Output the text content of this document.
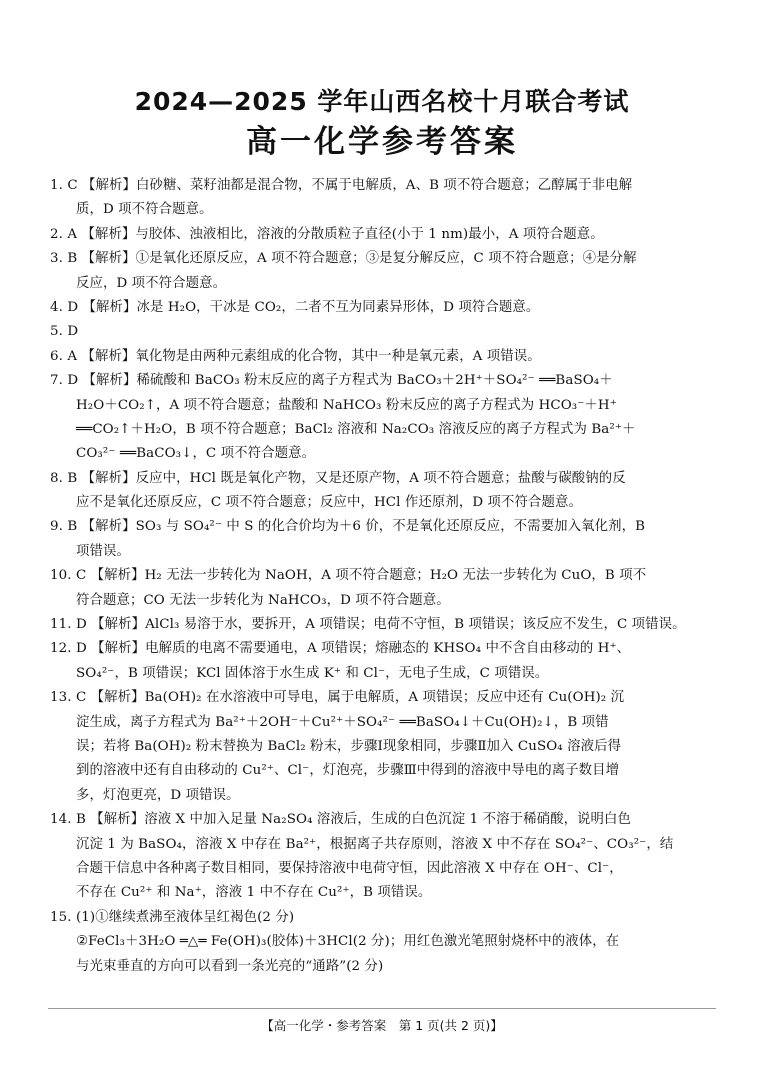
2024—2025 学年山西名校十月联合考试
高一化学参考答案
1. C 【解析】白砂糖、菜籽油都是混合物，不属于电解质，A、B 项不符合题意；乙醇属于非电解
质，D 项不符合题意。
2. A 【解析】与胶体、浊液相比，溶液的分散质粒子直径(小于 1 nm)最小，A 项符合题意。
3. B 【解析】①是氧化还原反应，A 项不符合题意；③是复分解反应，C 项不符合题意；④是分解
反应，D 项不符合题意。
4. D 【解析】冰是 H₂O，干冰是 CO₂，二者不互为同素异形体，D 项符合题意。
5. D
6. A 【解析】氧化物是由两种元素组成的化合物，其中一种是氧元素，A 项错误。
7. D 【解析】稀硫酸和 BaCO₃ 粉末反应的离子方程式为 BaCO₃＋2H⁺＋SO₄²⁻ ══BaSO₄＋
H₂O＋CO₂↑，A 项不符合题意；盐酸和 NaHCO₃ 粉末反应的离子方程式为 HCO₃⁻＋H⁺
══CO₂↑＋H₂O，B 项不符合题意；BaCl₂ 溶液和 Na₂CO₃ 溶液反应的离子方程式为 Ba²⁺＋
CO₃²⁻ ══BaCO₃↓，C 项不符合题意。
8. B 【解析】反应中，HCl 既是氧化产物，又是还原产物，A 项不符合题意；盐酸与碳酸钠的反
应不是氧化还原反应，C 项不符合题意；反应中，HCl 作还原剂，D 项不符合题意。
9. B 【解析】SO₃ 与 SO₄²⁻ 中 S 的化合价均为＋6 价，不是氧化还原反应，不需要加入氧化剂，B
项错误。
10. C 【解析】H₂ 无法一步转化为 NaOH，A 项不符合题意；H₂O 无法一步转化为 CuO，B 项不
符合题意；CO 无法一步转化为 NaHCO₃，D 项不符合题意。
11. D 【解析】AlCl₃ 易溶于水，要拆开，A 项错误；电荷不守恒，B 项错误；该反应不发生，C 项错误。
12. D 【解析】电解质的电离不需要通电，A 项错误；熔融态的 KHSO₄ 中不含自由移动的 H⁺、
SO₄²⁻，B 项错误；KCl 固体溶于水生成 K⁺ 和 Cl⁻，无电子生成，C 项错误。
13. C 【解析】Ba(OH)₂ 在水溶液中可导电，属于电解质，A 项错误；反应中还有 Cu(OH)₂ 沉
淀生成，离子方程式为 Ba²⁺＋2OH⁻＋Cu²⁺＋SO₄²⁻ ══BaSO₄↓＋Cu(OH)₂↓，B 项错
误；若将 Ba(OH)₂ 粉末替换为 BaCl₂ 粉末，步骤Ⅰ现象相同，步骤Ⅱ加入 CuSO₄ 溶液后得
到的溶液中还有自由移动的 Cu²⁺、Cl⁻，灯泡亮，步骤Ⅲ中得到的溶液中导电的离子数目增
多，灯泡更亮，D 项错误。
14. B 【解析】溶液 X 中加入足量 Na₂SO₄ 溶液后，生成的白色沉淀 1 不溶于稀硝酸，说明白色
沉淀 1 为 BaSO₄，溶液 X 中存在 Ba²⁺，根据离子共存原则，溶液 X 中不存在 SO₄²⁻、CO₃²⁻，结
合题干信息中各种离子数目相同，要保持溶液中电荷守恒，因此溶液 X 中存在 OH⁻、Cl⁻，
不存在 Cu²⁺ 和 Na⁺，溶液 1 中不存在 Cu²⁺，B 项错误。
15. (1)①继续煮沸至液体呈红褐色(2 分)
②FeCl₃＋3H₂O ═△═ Fe(OH)₃(胶体)＋3HCl(2 分)；用红色激光笔照射烧杯中的液体，在
与光束垂直的方向可以看到一条光亮的“通路”(2 分)
【高一化学・参考答案　第 1 页(共 2 页)】
